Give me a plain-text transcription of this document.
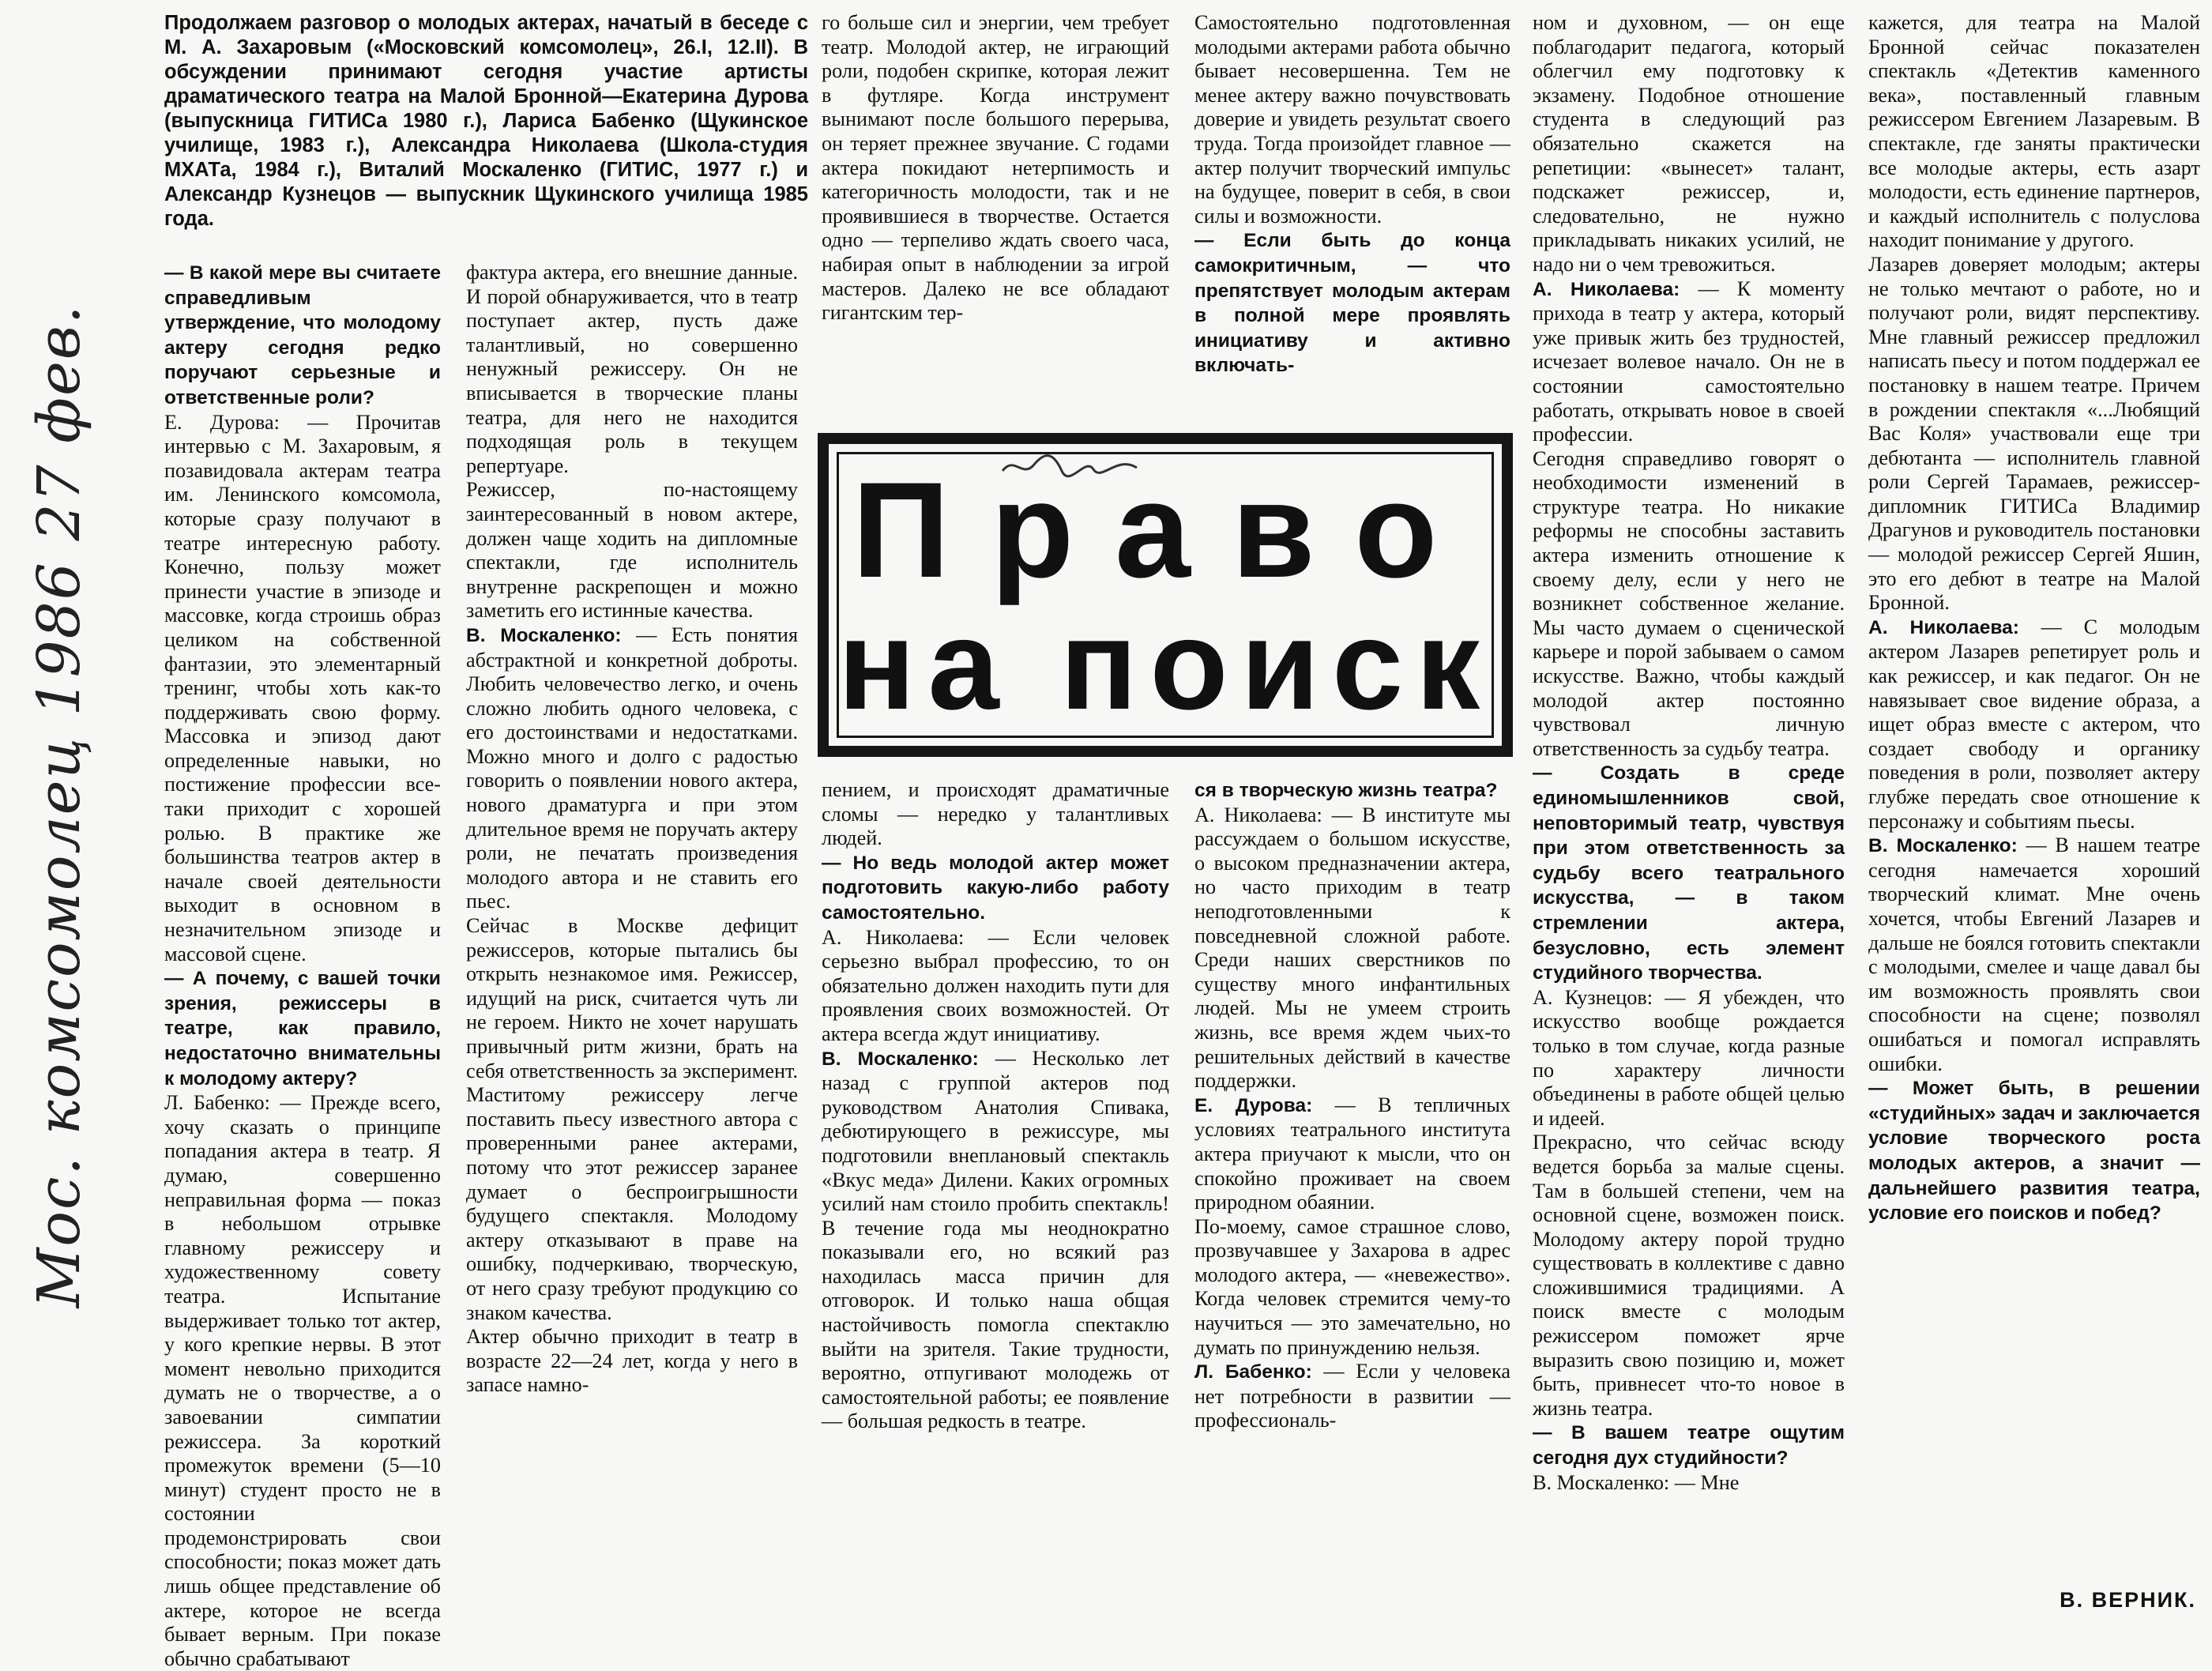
Мос. комсомолец 1986 27 фев.
Продолжаем разговор о молодых актерах, начатый в беседе с М. А. Захаровым («Московский комсомолец», 26.I, 12.II). В обсуждении принимают сегодня участие артисты драматического театра на Малой Бронной—Екатерина Дурова (выпускница ГИТИСа 1980 г.), Лариса Бабенко (Щукинское училище, 1983 г.), Александра Николаева (Школа-студия МХАТа, 1984 г.), Виталий Москаленко (ГИТИС, 1977 г.) и Александр Кузнецов — выпускник Щукинского училища 1985 года.
— В какой мере вы считаете справедливым утверждение, что молодому актеру сегодня редко поручают серьезные и ответственные роли?
Е. Дурова: — Прочитав интервью с М. Захаровым, я позавидовала актерам театра им. Ленинского комсомола, которые сразу получают в театре интересную работу. Конечно, пользу может принести участие в эпизоде и массовке, когда строишь образ целиком на собственной фантазии, это элементарный тренинг, чтобы хоть как-то поддерживать свою форму. Массовка и эпизод дают определенные навыки, но постижение профессии все-таки приходит с хорошей ролью. В практике же большинства театров актер в начале своей деятельности выходит в основном в незначительном эпизоде и массовой сцене.
— А почему, с вашей точки зрения, режиссеры в театре, как правило, недостаточно внимательны к молодому актеру?
Л. Бабенко: — Прежде всего, хочу сказать о принципе попадания актера в театр. Я думаю, совершенно неправильная форма — показ в небольшом отрывке главному режиссеру и художественному совету театра. Испытание выдерживает только тот актер, у кого крепкие нервы. В этот момент невольно приходится думать не о творчестве, а о завоевании симпатии режиссера. За короткий промежуток времени (5—10 минут) студент просто не в состоянии продемонстрировать свои способности; показ может дать лишь общее представление об актере, которое не всегда бывает верным. При показе обычно срабатывают
фактура актера, его внешние данные. И порой обнаруживается, что в театр поступает актер, пусть даже талантливый, но совершенно ненужный режиссеру. Он не вписывается в творческие планы театра, для него не находится подходящая роль в текущем репертуаре.
Режиссер, по-настоящему заинтересованный в новом актере, должен чаще ходить на дипломные спектакли, где исполнитель внутренне раскрепощен и можно заметить его истинные качества.
В. Москаленко: — Есть понятия абстрактной и конкретной доброты. Любить человечество легко, и очень сложно любить одного человека, с его достоинствами и недостатками. Можно много и долго с радостью говорить о появлении нового актера, нового драматурга и при этом длительное время не поручать актеру роли, не печатать произведения молодого автора и не ставить его пьес.
Сейчас в Москве дефицит режиссеров, которые пытались бы открыть незнакомое имя. Режиссер, идущий на риск, считается чуть ли не героем. Никто не хочет нарушать привычный ритм жизни, брать на себя ответственность за эксперимент. Маститому режиссеру легче поставить пьесу известного автора с проверенными ранее актерами, потому что этот режиссер заранее думает о беспроигрышности будущего спектакля. Молодому актеру отказывают в праве на ошибку, подчеркиваю, творческую, от него сразу требуют продукцию со знаком качества.
Актер обычно приходит в театр в возрасте 22—24 лет, когда у него в запасе намно-
го больше сил и энергии, чем требует театр. Молодой актер, не играющий роли, подобен скрипке, которая лежит в футляре. Когда инструмент вынимают после большого перерыва, он теряет прежнее звучание. С годами актера покидают нетерпимость и категоричность молодости, так и не проявившиеся в творчестве. Остается одно — терпеливо ждать своего часа, набирая опыт в наблюдении за игрой мастеров. Далеко не все обладают гигантским тер-
пением, и происходят драматичные сломы — нередко у талантливых людей.
— Но ведь молодой актер может подготовить какую-либо работу самостоятельно.
А. Николаева: — Если человек серьезно выбрал профессию, то он обязательно должен находить пути для проявления своих возможностей. От актера всегда ждут инициативу.
В. Москаленко: — Несколько лет назад с группой актеров под руководством Анатолия Спивака, дебютирующего в режиссуре, мы подготовили внеплановый спектакль «Вкус меда» Дилени. Каких огромных усилий нам стоило пробить спектакль! В течение года мы неоднократно показывали его, но всякий раз находилась масса причин для отговорок. И только наша общая настойчивость помогла спектаклю выйти на зрителя. Такие трудности, вероятно, отпугивают молодежь от самостоятельной работы; ее появление — большая редкость в театре.
Самостоятельно подготовленная молодыми актерами работа обычно бывает несовершенна. Тем не менее актеру важно почувствовать доверие и увидеть результат своего труда. Тогда произойдет главное — актер получит творческий импульс на будущее, поверит в себя, в свои силы и возможности.
— Если быть до конца самокритичным, — что препятствует молодым актерам в полной мере проявлять инициативу и активно включать-
ся в творческую жизнь театра?
А. Николаева: — В институте мы рассуждаем о большом искусстве, о высоком предназначении актера, но часто приходим в театр неподготовленными к повседневной сложной работе. Среди наших сверстников по существу много инфантильных людей. Мы не умеем строить жизнь, все время ждем чьих-то решительных действий в качестве поддержки.
Е. Дурова: — В тепличных условиях театрального института актера приучают к мысли, что он спокойно проживает на своем природном обаянии.
По-моему, самое страшное слово, прозвучавшее у Захарова в адрес молодого актера, — «невежество». Когда человек стремится чему-то научиться — это замечательно, но думать по принуждению нельзя.
Л. Бабенко: — Если у человека нет потребности в развитии — профессиональ-
ном и духовном, — он еще поблагодарит педагога, который облегчил ему подготовку к экзамену. Подобное отношение студента в следующий раз обязательно скажется на репетиции: «вынесет» талант, подскажет режиссер, и, следовательно, не нужно прикладывать никаких усилий, не надо ни о чем тревожиться.
А. Николаева: — К моменту прихода в театр у актера, который уже привык жить без трудностей, исчезает волевое начало. Он не в состоянии самостоятельно работать, открывать новое в своей профессии.
Сегодня справедливо говорят о необходимости изменений в структуре театра. Но никакие реформы не способны заставить актера изменить отношение к своему делу, если у него не возникнет собственное желание. Мы часто думаем о сценической карьере и порой забываем о самом искусстве. Важно, чтобы каждый молодой актер постоянно чувствовал личную ответственность за судьбу театра.
— Создать в среде единомышленников свой, неповторимый театр, чувствуя при этом ответственность за судьбу всего театрального искусства, — в таком стремлении актера, безусловно, есть элемент студийного творчества.
А. Кузнецов: — Я убежден, что искусство вообще рождается только в том случае, когда разные по характеру личности объединены в работе общей целью и идеей.
Прекрасно, что сейчас всюду ведется борьба за малые сцены. Там в большей степени, чем на основной сцене, возможен поиск. Молодому актеру порой трудно существовать в коллективе с давно сложившимися традициями. А поиск вместе с молодым режиссером поможет ярче выразить свою позицию и, может быть, привнесет что-то новое в жизнь театра.
— В вашем театре ощутим сегодня дух студийности?
В. Москаленко: — Мне
кажется, для театра на Малой Бронной сейчас показателен спектакль «Детектив каменного века», поставленный главным режиссером Евгением Лазаревым. В спектакле, где заняты практически все молодые актеры, есть азарт молодости, есть единение партнеров, и каждый исполнитель с полуслова находит понимание у другого.
Лазарев доверяет молодым; актеры не только мечтают о работе, но и получают роли, видят перспективу. Мне главный режиссер предложил написать пьесу и потом поддержал ее постановку в нашем театре. Причем в рождении спектакля «...Любящий Вас Коля» участвовали еще три дебютанта — исполнитель главной роли Сергей Тарамаев, режиссер-дипломник ГИТИСа Владимир Драгунов и руководитель постановки — молодой режиссер Сергей Яшин, это его дебют в театре на Малой Бронной.
А. Николаева: — С молодым актером Лазарев репетирует роль и как режиссер, и как педагог. Он не навязывает свое видение образа, а ищет образ вместе с актером, что создает свободу и органику поведения в роли, позволяет актеру глубже передать свое отношение к персонажу и событиям пьесы.
В. Москаленко: — В нашем театре сегодня намечается хороший творческий климат. Мне очень хочется, чтобы Евгений Лазарев и дальше не боялся готовить спектакли с молодыми, смелее и чаще давал бы им возможность проявлять свои способности на сцене; позволял ошибаться и помогал исправлять ошибки.
— Может быть, в решении «студийных» задач и заключается условие творческого роста молодых актеров, а значит — дальнейшего развития театра, условие его поисков и побед?
Право
на поиск
В. ВЕРНИК.
